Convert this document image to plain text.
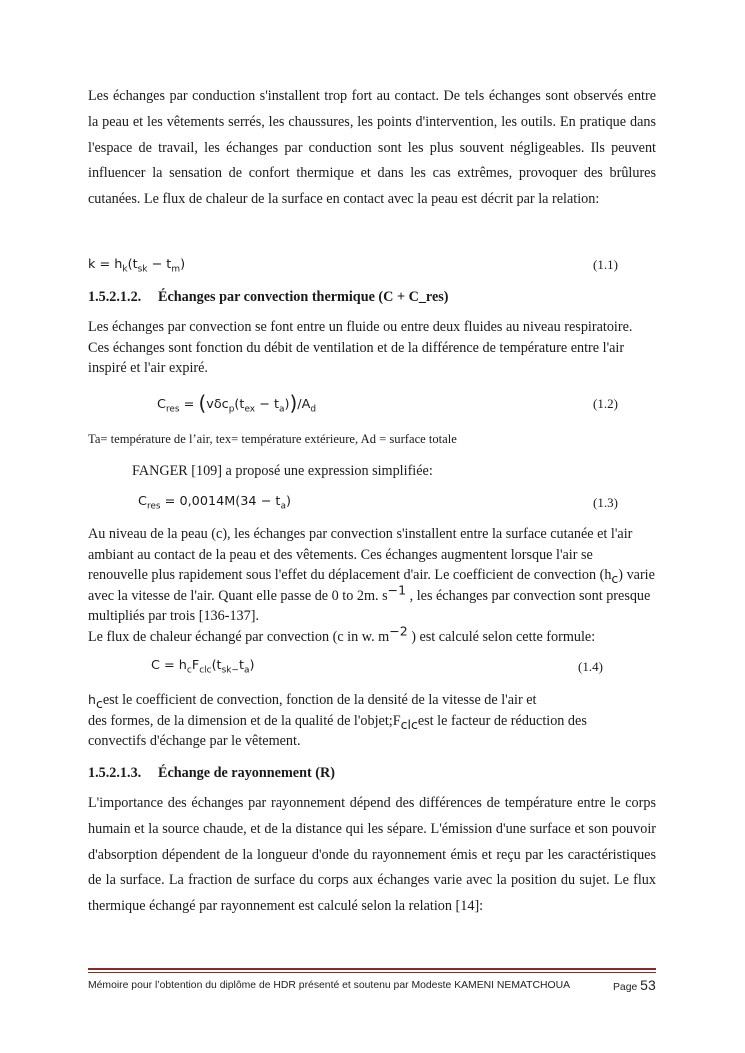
Les échanges par conduction s'installent trop fort au contact. De tels échanges sont observés entre la peau et les vêtements serrés, les chaussures, les points d'intervention, les outils. En pratique dans l'espace de travail, les échanges par conduction sont les plus souvent négligeables. Ils peuvent influencer la sensation de confort thermique et dans les cas extrêmes, provoquer des brûlures cutanées. Le flux de chaleur de la surface en contact avec la peau est décrit par la relation:

$k = h_k(t_{sk} - t_m)$	(1.1)
1.5.2.1.2. Échanges par convection thermique (C + C_res)

Les échanges par convection se font entre un fluide ou entre deux fluides au niveau respiratoire. Ces échanges sont fonction du débit de ventilation et de la différence de température entre l'air inspiré et l'air expiré.

$C_{res} = (v\delta c_p(t_{ex} - t_a))/A_d$	(1.2)
Ta= température de l’air, tex= température extérieure, Ad = surface totale
FANGER [109] a proposé une expression simplifiée:
$C_{res} = 0,0014M(34 - t_a)$	(1.3)

Au niveau de la peau (c), les échanges par convection s'installent entre la surface cutanée et l'air ambiant au contact de la peau et des vêtements. Ces échanges augmentent lorsque l'air se renouvelle plus rapidement sous l'effet du déplacement d'air. Le coefficient de convection $(h_c)$ varie avec la vitesse de l'air. Quant elle passe de 0 to 2m. $s^{-1}$ , les échanges par convection sont presque multipliés par trois [136-137].

Le flux de chaleur échangé par convection (c in w. $m^{-2}$ ) est calculé selon cette formule:

$C = h_cF_{clc}(t_{sk-}t_a)$	(1.4)
$h_cest$ le coefficient de convection, fonction de la densité de la vitesse de l'air et
des formes, de la dimension et de la qualité de $l'objet;F_{clc}est$ le facteur de réduction des convectifs d'échange par le vêtement.
1.5.2.1.3. Échange de rayonnement (R)

L'importance des échanges par rayonnement dépend des différences de température entre le corps humain et la source chaude, et de la distance qui les sépare. L'émission d'une surface et son pouvoir d'absorption dépendent de la longueur d'onde du rayonnement émis et reçu par les caractéristiques de la surface. La fraction de surface du corps aux échanges varie avec la position du sujet. Le flux thermique échangé par rayonnement est calculé selon la relation [14]:

Mémoire pour l’obtention du diplôme de HDR présenté et soutenu par Modeste KAMENI NEMATCHOUA	Page 53
